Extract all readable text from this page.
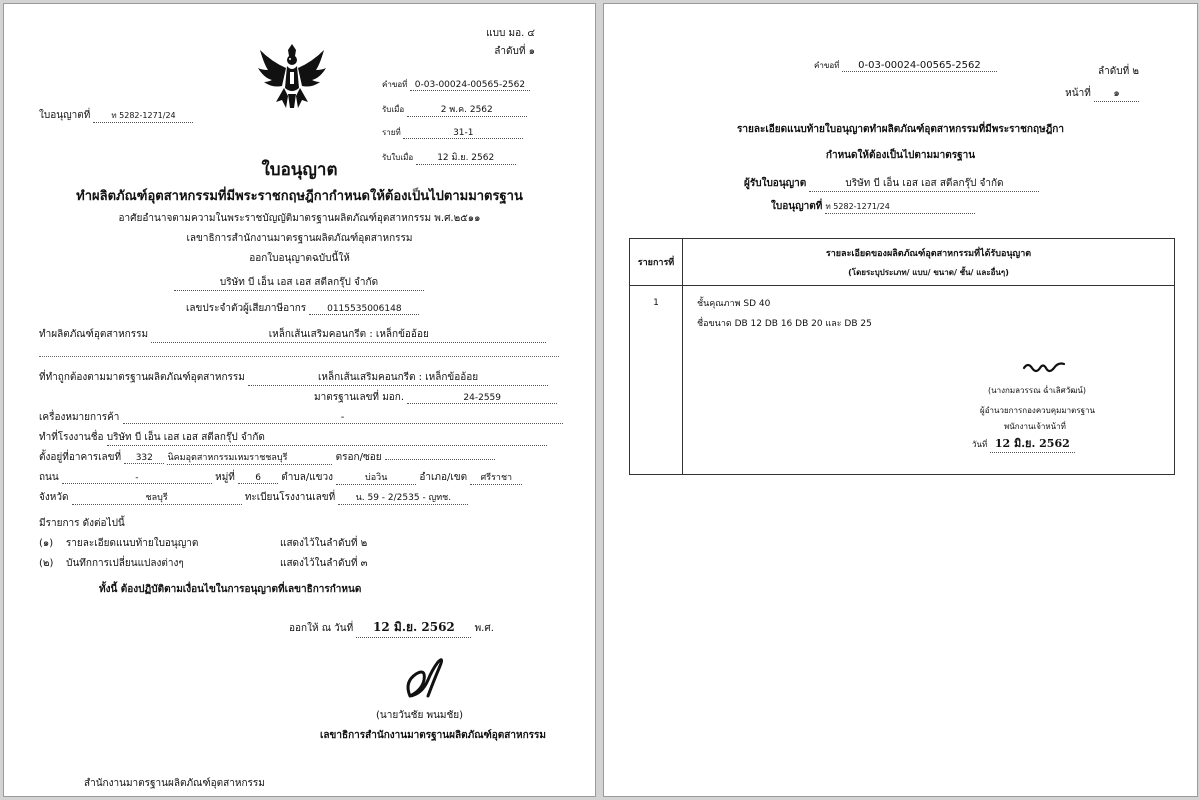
แบบ มอ. ๔
ลำดับที่ ๑
คำขอที่ 0-03-00024-00565-2562
รับเมื่อ	2 พ.ค. 2562
รายที่	31-1
รับใบเมื่อ	12 มิ.ย. 2562
ใบอนุญาตที่	ท 5282-1271/24
ใบอนุญาต
ทำผลิตภัณฑ์อุตสาหกรรมที่มีพระราชกฤษฎีกากำหนดให้ต้องเป็นไปตามมาตรฐาน
อาศัยอำนาจตามความในพระราชบัญญัติมาตรฐานผลิตภัณฑ์อุตสาหกรรม พ.ศ.๒๕๑๑
เลขาธิการสำนักงานมาตรฐานผลิตภัณฑ์อุตสาหกรรม
ออกใบอนุญาตฉบับนี้ให้
บริษัท บี เอ็น เอส เอส สตีลกรุ๊ป จำกัด
เลขประจำตัวผู้เสียภาษีอากร 0115535006148
ทำผลิตภัณฑ์อุตสาหกรรม	เหล็กเส้นเสริมคอนกรีต : เหล็กข้ออ้อย
ที่ทำถูกต้องตามมาตรฐานผลิตภัณฑ์อุตสาหกรรม	เหล็กเส้นเสริมคอนกรีต : เหล็กข้ออ้อย
มาตรฐานเลขที่ มอก.	24-2559
เครื่องหมายการค้า	-
ทำที่โรงงานชื่อ บริษัท บี เอ็น เอส เอส สตีลกรุ๊ป จำกัด
ตั้งอยู่ที่อาคารเลขที่ 332 นิคมอุตสาหกรรมเหมราชชลบุรี	ตรอก/ซอย
ถนน	-	หมู่ที่ 6 ตำบล/แขวง	บ่อวิน	อำเภอ/เขต ศรีราชา
จังหวัด	ชลบุรี	ทะเบียนโรงงานเลขที่ น. 59 - 2/2535 - ญทช.
มีรายการ ดังต่อไปนี้
(๑) รายละเอียดแนบท้ายใบอนุญาต	แสดงไว้ในลำดับที่ ๒
(๒) บันทึกการเปลี่ยนแปลงต่างๆ	แสดงไว้ในลำดับที่ ๓
ทั้งนี้ ต้องปฏิบัติตามเงื่อนไขในการอนุญาตที่เลขาธิการกำหนด
ออกให้ ณ วันที่ 12 มิ.ย. 2562 พ.ศ.
(นายวันชัย พนมชัย)
เลขาธิการสำนักงานมาตรฐานผลิตภัณฑ์อุตสาหกรรม
สำนักงานมาตรฐานผลิตภัณฑ์อุตสาหกรรม
คำขอที่ 0-03-00024-00565-2562
ลำดับที่ ๒
หน้าที่ ๑
รายละเอียดแนบท้ายใบอนุญาตทำผลิตภัณฑ์อุตสาหกรรมที่มีพระราชกฤษฎีกา
กำหนดให้ต้องเป็นไปตามมาตรฐาน
ผู้รับใบอนุญาต	บริษัท บี เอ็น เอส เอส สตีลกรุ๊ป จำกัด
ใบอนุญาตที่ ท 5282-1271/24
รายการที่	รายละเอียดของผลิตภัณฑ์อุตสาหกรรมที่ได้รับอนุญาต
(โดยระบุประเภท/ แบบ/ ขนาด/ ชั้น/ และอื่นๆ)

1	ชั้นคุณภาพ SD 40
ชื่อขนาด DB 12 DB 16 DB 20 และ DB 25
(นางกมลวรรณ ฉ่ำเลิศวัฒน์)
ผู้อำนวยการกองควบคุมมาตรฐาน
พนักงานเจ้าหน้าที่
วันที่ 12 มิ.ย. 2562
